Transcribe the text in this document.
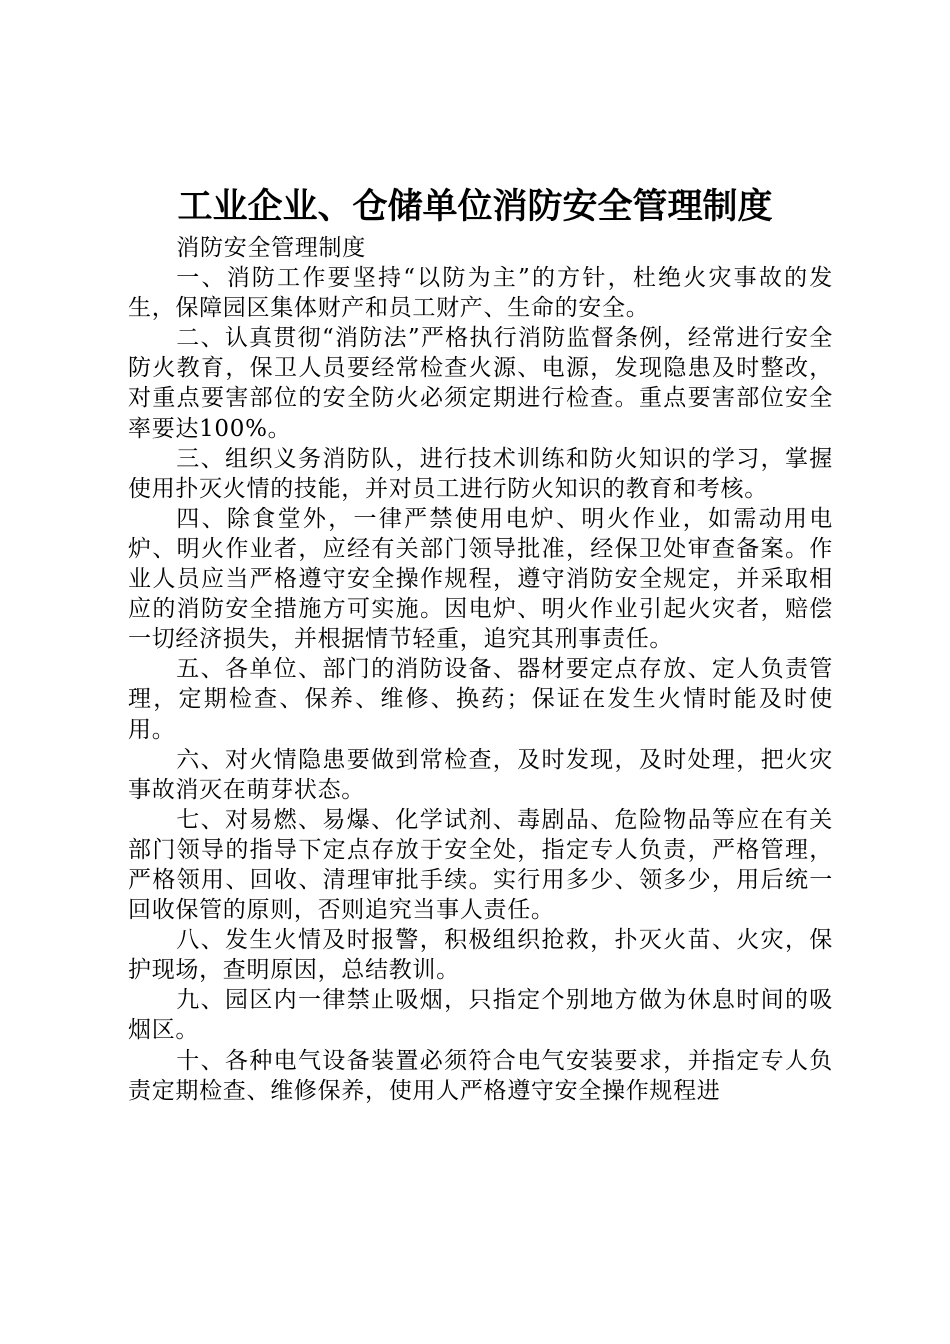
工业企业、仓储单位消防安全管理制度

消防安全管理制度

一、消防工作要坚持“以防为主”的方针，杜绝火灾事故的发生，保障园区集体财产和员工财产、生命的安全。

二、认真贯彻“消防法”严格执行消防监督条例，经常进行安全防火教育，保卫人员要经常检查火源、电源，发现隐患及时整改，对重点要害部位的安全防火必须定期进行检查。重点要害部位安全率要达100%。

三、组织义务消防队，进行技术训练和防火知识的学习，掌握使用扑灭火情的技能，并对员工进行防火知识的教育和考核。

四、除食堂外，一律严禁使用电炉、明火作业，如需动用电炉、明火作业者，应经有关部门领导批准，经保卫处审查备案。作业人员应当严格遵守安全操作规程，遵守消防安全规定，并采取相应的消防安全措施方可实施。因电炉、明火作业引起火灾者，赔偿一切经济损失，并根据情节轻重，追究其刑事责任。

五、各单位、部门的消防设备、器材要定点存放、定人负责管理，定期检查、保养、维修、换药；保证在发生火情时能及时使用。

六、对火情隐患要做到常检查，及时发现，及时处理，把火灾事故消灭在萌芽状态。

七、对易燃、易爆、化学试剂、毒剧品、危险物品等应在有关部门领导的指导下定点存放于安全处，指定专人负责，严格管理，严格领用、回收、清理审批手续。实行用多少、领多少，用后统一回收保管的原则，否则追究当事人责任。

八、发生火情及时报警，积极组织抢救，扑灭火苗、火灾，保护现场，查明原因，总结教训。

九、园区内一律禁止吸烟，只指定个别地方做为休息时间的吸烟区。

十、各种电气设备装置必须符合电气安装要求，并指定专人负责定期检查、维修保养，使用人严格遵守安全操作规程进
